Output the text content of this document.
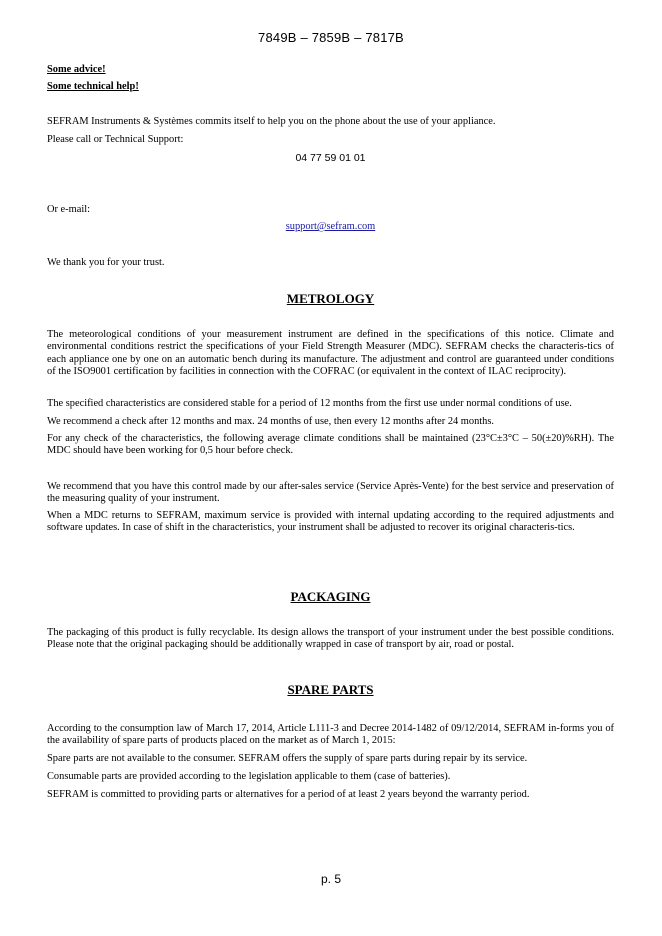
7849B – 7859B – 7817B
Some advice!
Some technical help!
SEFRAM Instruments & Systèmes commits itself to help you on the phone about the use of your appliance.
Please call or Technical Support:
04 77 59 01 01
Or e-mail:
support@sefram.com
We thank you for your trust.
METROLOGY
The meteorological conditions of your measurement instrument are defined in the specifications of this notice. Climate and environmental conditions restrict the specifications of your Field Strength Measurer (MDC). SEFRAM checks the characteris-tics of each appliance one by one on an automatic bench during its manufacture. The adjustment and control are guaranteed under conditions of the ISO9001 certification by facilities in connection with the COFRAC (or equivalent in the context of ILAC reciprocity).
The specified characteristics are considered stable for a period of 12 months from the first use under normal conditions of use.
We recommend a check after 12 months and max. 24 months of use, then every 12 months after 24 months.
For any check of the characteristics, the following average climate conditions shall be maintained (23°C±3°C – 50(±20)%RH). The MDC should have been working for 0,5 hour before check.
We recommend that you have this control made by our after-sales service (Service Après-Vente) for the best service and preservation of the measuring quality of your instrument.
When a MDC returns to SEFRAM, maximum service is provided with internal updating according to the required adjustments and software updates. In case of shift in the characteristics, your instrument shall be adjusted to recover its original characteris-tics.
PACKAGING
The packaging of this product is fully recyclable. Its design allows the transport of your instrument under the best possible conditions. Please note that the original packaging should be additionally wrapped in case of transport by air, road or postal.
SPARE PARTS
According to the consumption law of March 17, 2014, Article L111-3 and Decree 2014-1482 of 09/12/2014, SEFRAM in-forms you of the availability of spare parts of products placed on the market as of March 1, 2015:
Spare parts are not available to the consumer. SEFRAM offers the supply of spare parts during repair by its service.
Consumable parts are provided according to the legislation applicable to them (case of batteries).
SEFRAM is committed to providing parts or alternatives for a period of at least 2 years beyond the warranty period.
p. 5
